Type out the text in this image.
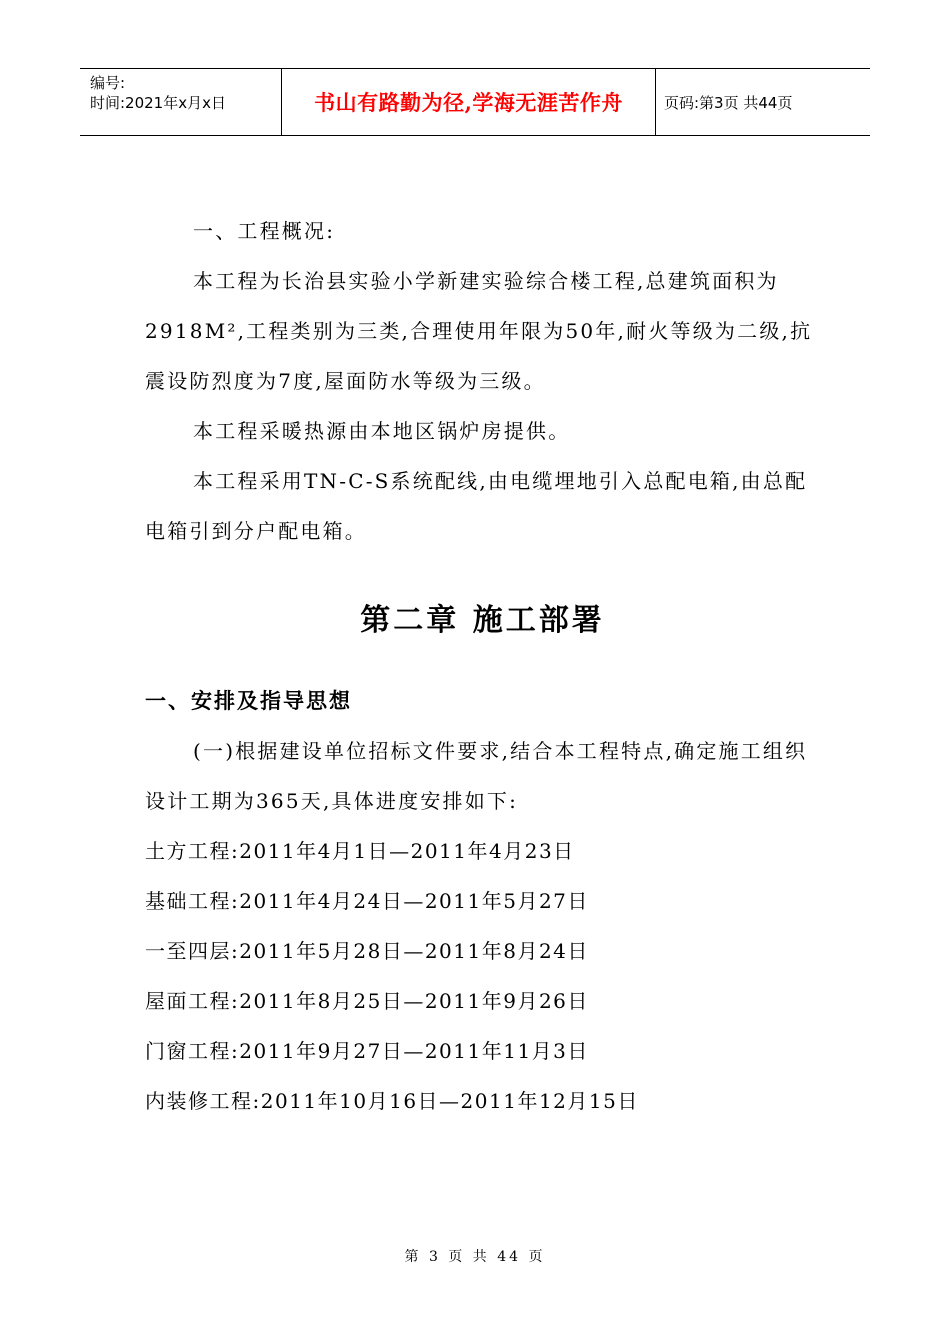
编号:
时间:2021年x月x日	书山有路勤为径,学海无涯苦作舟	页码:第3页 共44页

一、工程概况:

本工程为长治县实验小学新建实验综合楼工程,总建筑面积为2918M²,工程类别为三类,合理使用年限为50年,耐火等级为二级,抗震设防烈度为7度,屋面防水等级为三级。

本工程采暖热源由本地区锅炉房提供。

本工程采用TN-C-S系统配线,由电缆埋地引入总配电箱,由总配电箱引到分户配电箱。

第二章 施工部署

一、安排及指导思想

(一)根据建设单位招标文件要求,结合本工程特点,确定施工组织设计工期为365天,具体进度安排如下:

土方工程:2011年4月1日—2011年4月23日

基础工程:2011年4月24日—2011年5月27日

一至四层:2011年5月28日—2011年8月24日

屋面工程:2011年8月25日—2011年9月26日

门窗工程:2011年9月27日—2011年11月3日

内装修工程:2011年10月16日—2011年12月15日

第 3 页 共 44 页
